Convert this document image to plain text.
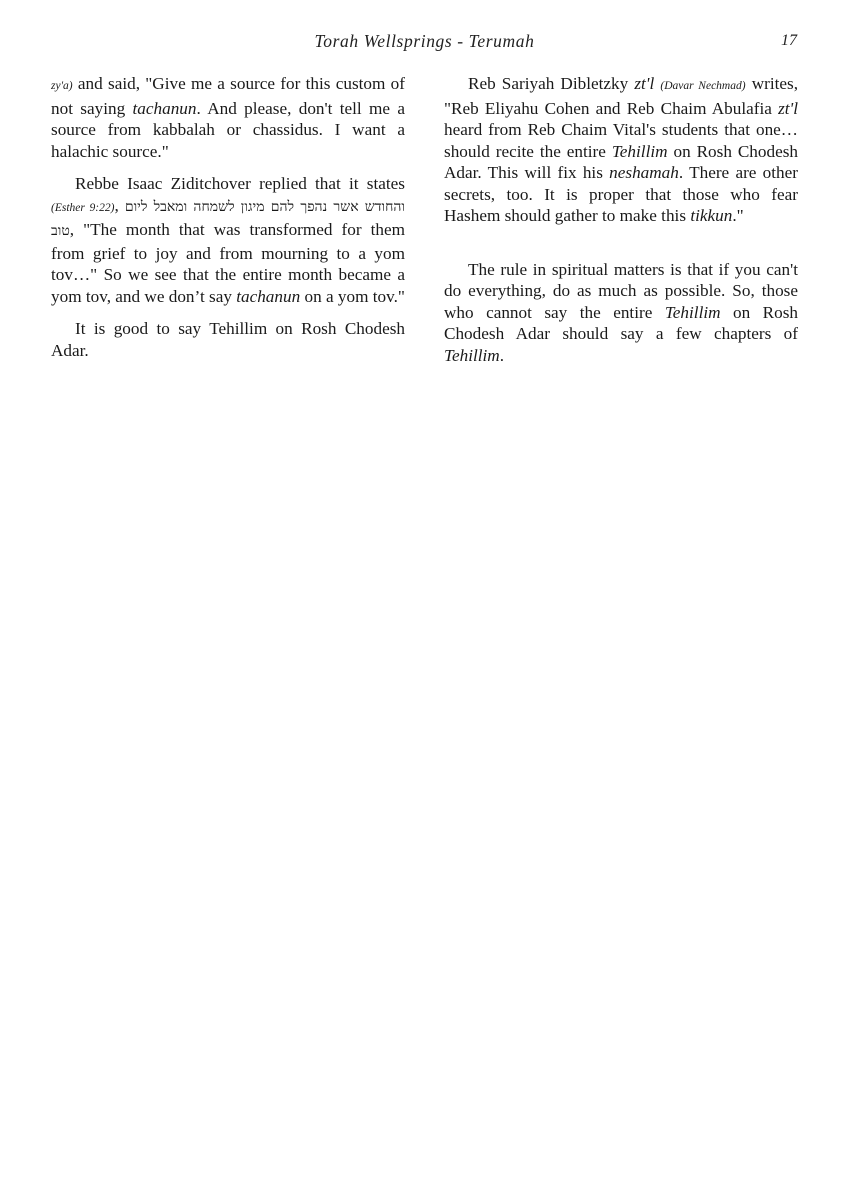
Torah Wellsprings - Terumah	17

zy'a) and said, "Give me a source for this custom of not saying tachanun. And please, don't tell me a source from kabbalah or chassidus. I want a halachic source."

Rebbe Isaac Ziditchover replied that it states (Esther 9:22), והחודש אשר נהפך להם מיגון לשמחה ומאבל ליום טוב, "The month that was transformed for them from grief to joy and from mourning to a yom tov…" So we see that the entire month became a yom tov, and we don’t say tachanun on a yom tov."

It is good to say Tehillim on Rosh Chodesh Adar.

Reb Sariyah Dibletzky zt'l (Davar Nechmad) writes, "Reb Eliyahu Cohen and Reb Chaim Abulafia zt'l heard from Reb Chaim Vital's students that one… should recite the entire Tehillim on Rosh Chodesh Adar. This will fix his neshamah. There are other secrets, too. It is proper that those who fear Hashem should gather to make this tikkun."

The rule in spiritual matters is that if you can't do everything, do as much as possible. So, those who cannot say the entire Tehillim on Rosh Chodesh Adar should say a few chapters of Tehillim.
